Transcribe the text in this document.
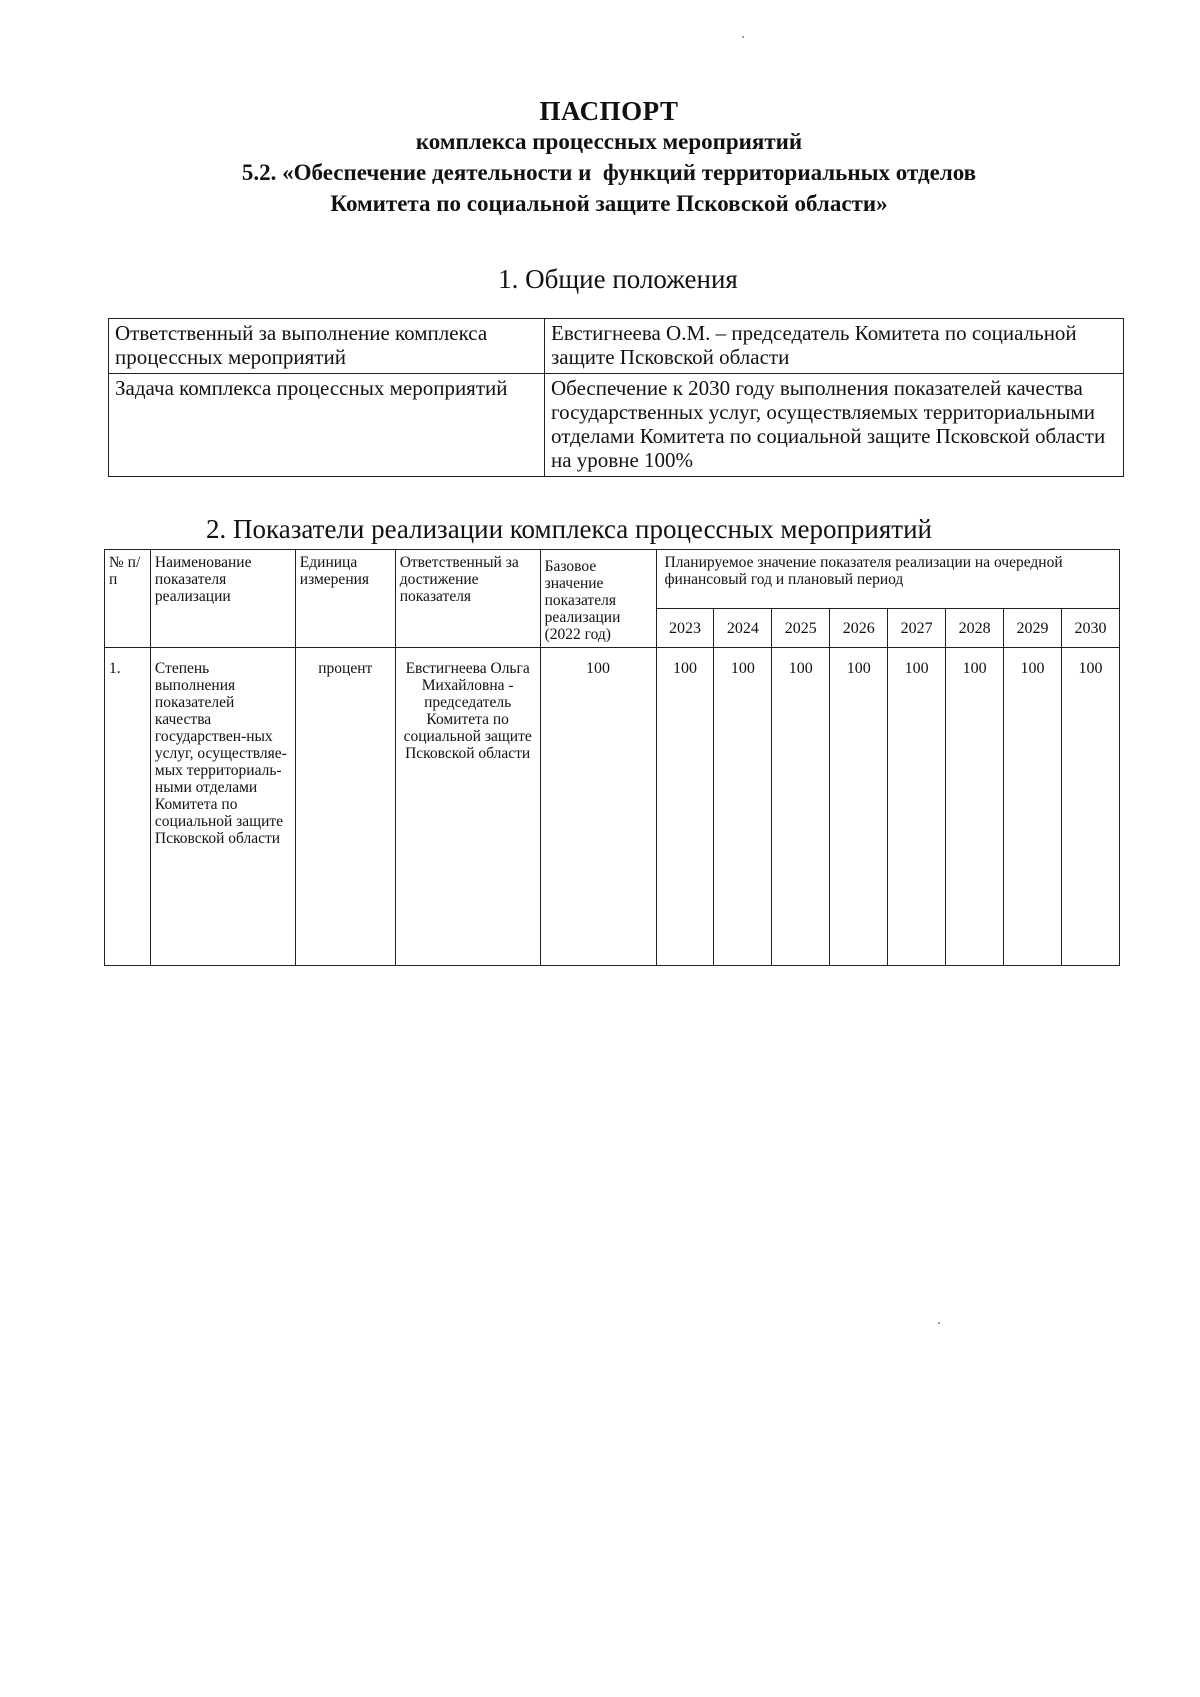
ПАСПОРТ
комплекса процессных мероприятий
5.2. «Обеспечение деятельности и  функций территориальных отделов
Комитета по социальной защите Псковской области»
1. Общие положения
Ответственный за выполнение комплекса процессных мероприятий	Евстигнеева О.М. – председатель Комитета по социальной защите Псковской области
Задача комплекса процессных мероприятий	Обеспечение к 2030 году выполнения показателей качества государственных услуг, осуществляемых территориальными отделами Комитета по социальной защите Псковской области на уровне 100%
2. Показатели реализации комплекса процессных мероприятий
№ п/п	Наименование показателя реализации	Единица измерения	Ответственный за достижение показателя	Базовое значение показателя реализации (2022 год)	Планируемое значение показателя реализации на очередной финансовый год и плановый период							
					2023	2024	2025	2026	2027	2028	2029	2030
1.	Степень выполнения показателей качества государствен-ных услуг, осуществляе-мых территориаль-ными отделами Комитета по социальной защите Псковской области	процент	Евстигнеева Ольга Михайловна - председатель Комитета по социальной защите Псковской области	100	100	100	100	100	100	100	100	100
